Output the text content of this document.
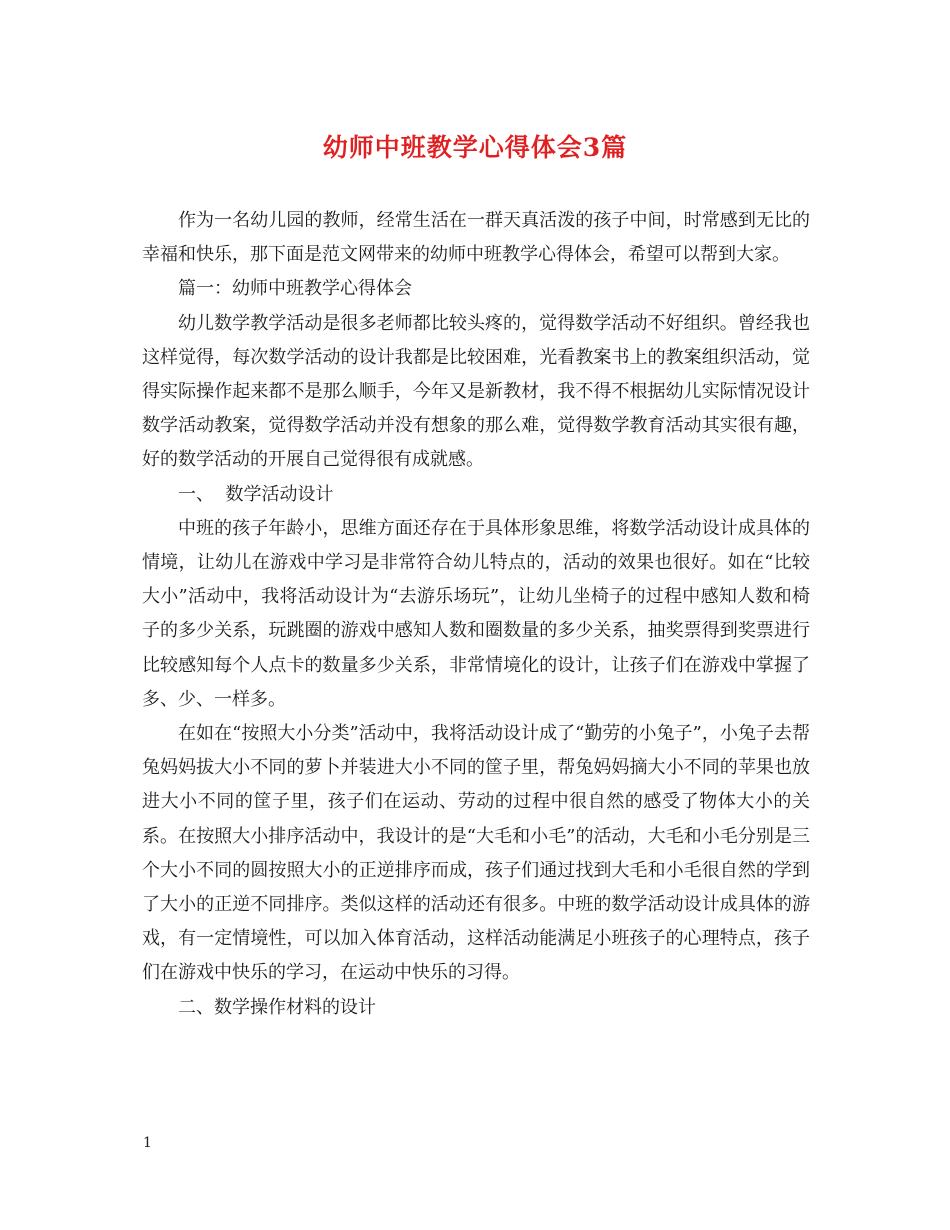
幼师中班教学心得体会3篇

作为一名幼儿园的教师，经常生活在一群天真活泼的孩子中间，时常感到无比的幸福和快乐，那下面是范文网带来的幼师中班教学心得体会，希望可以帮到大家。

篇一：幼师中班教学心得体会

幼儿数学教学活动是很多老师都比较头疼的，觉得数学活动不好组织。曾经我也这样觉得，每次数学活动的设计我都是比较困难，光看教案书上的教案组织活动，觉得实际操作起来都不是那么顺手，今年又是新教材，我不得不根据幼儿实际情况设计数学活动教案，觉得数学活动并没有想象的那么难，觉得数学教育活动其实很有趣，好的数学活动的开展自己觉得很有成就感。

一、  数学活动设计

中班的孩子年龄小，思维方面还存在于具体形象思维，将数学活动设计成具体的情境，让幼儿在游戏中学习是非常符合幼儿特点的，活动的效果也很好。如在“比较大小”活动中，我将活动设计为“去游乐场玩”，让幼儿坐椅子的过程中感知人数和椅子的多少关系，玩跳圈的游戏中感知人数和圈数量的多少关系，抽奖票得到奖票进行比较感知每个人点卡的数量多少关系，非常情境化的设计，让孩子们在游戏中掌握了多、少、一样多。

在如在“按照大小分类”活动中，我将活动设计成了“勤劳的小兔子”，小兔子去帮兔妈妈拔大小不同的萝卜并装进大小不同的筐子里，帮兔妈妈摘大小不同的苹果也放进大小不同的筐子里，孩子们在运动、劳动的过程中很自然的感受了物体大小的关系。在按照大小排序活动中，我设计的是“大毛和小毛”的活动，大毛和小毛分别是三个大小不同的圆按照大小的正逆排序而成，孩子们通过找到大毛和小毛很自然的学到了大小的正逆不同排序。类似这样的活动还有很多。中班的数学活动设计成具体的游戏，有一定情境性，可以加入体育活动，这样活动能满足小班孩子的心理特点，孩子们在游戏中快乐的学习，在运动中快乐的习得。

二、数学操作材料的设计

1
